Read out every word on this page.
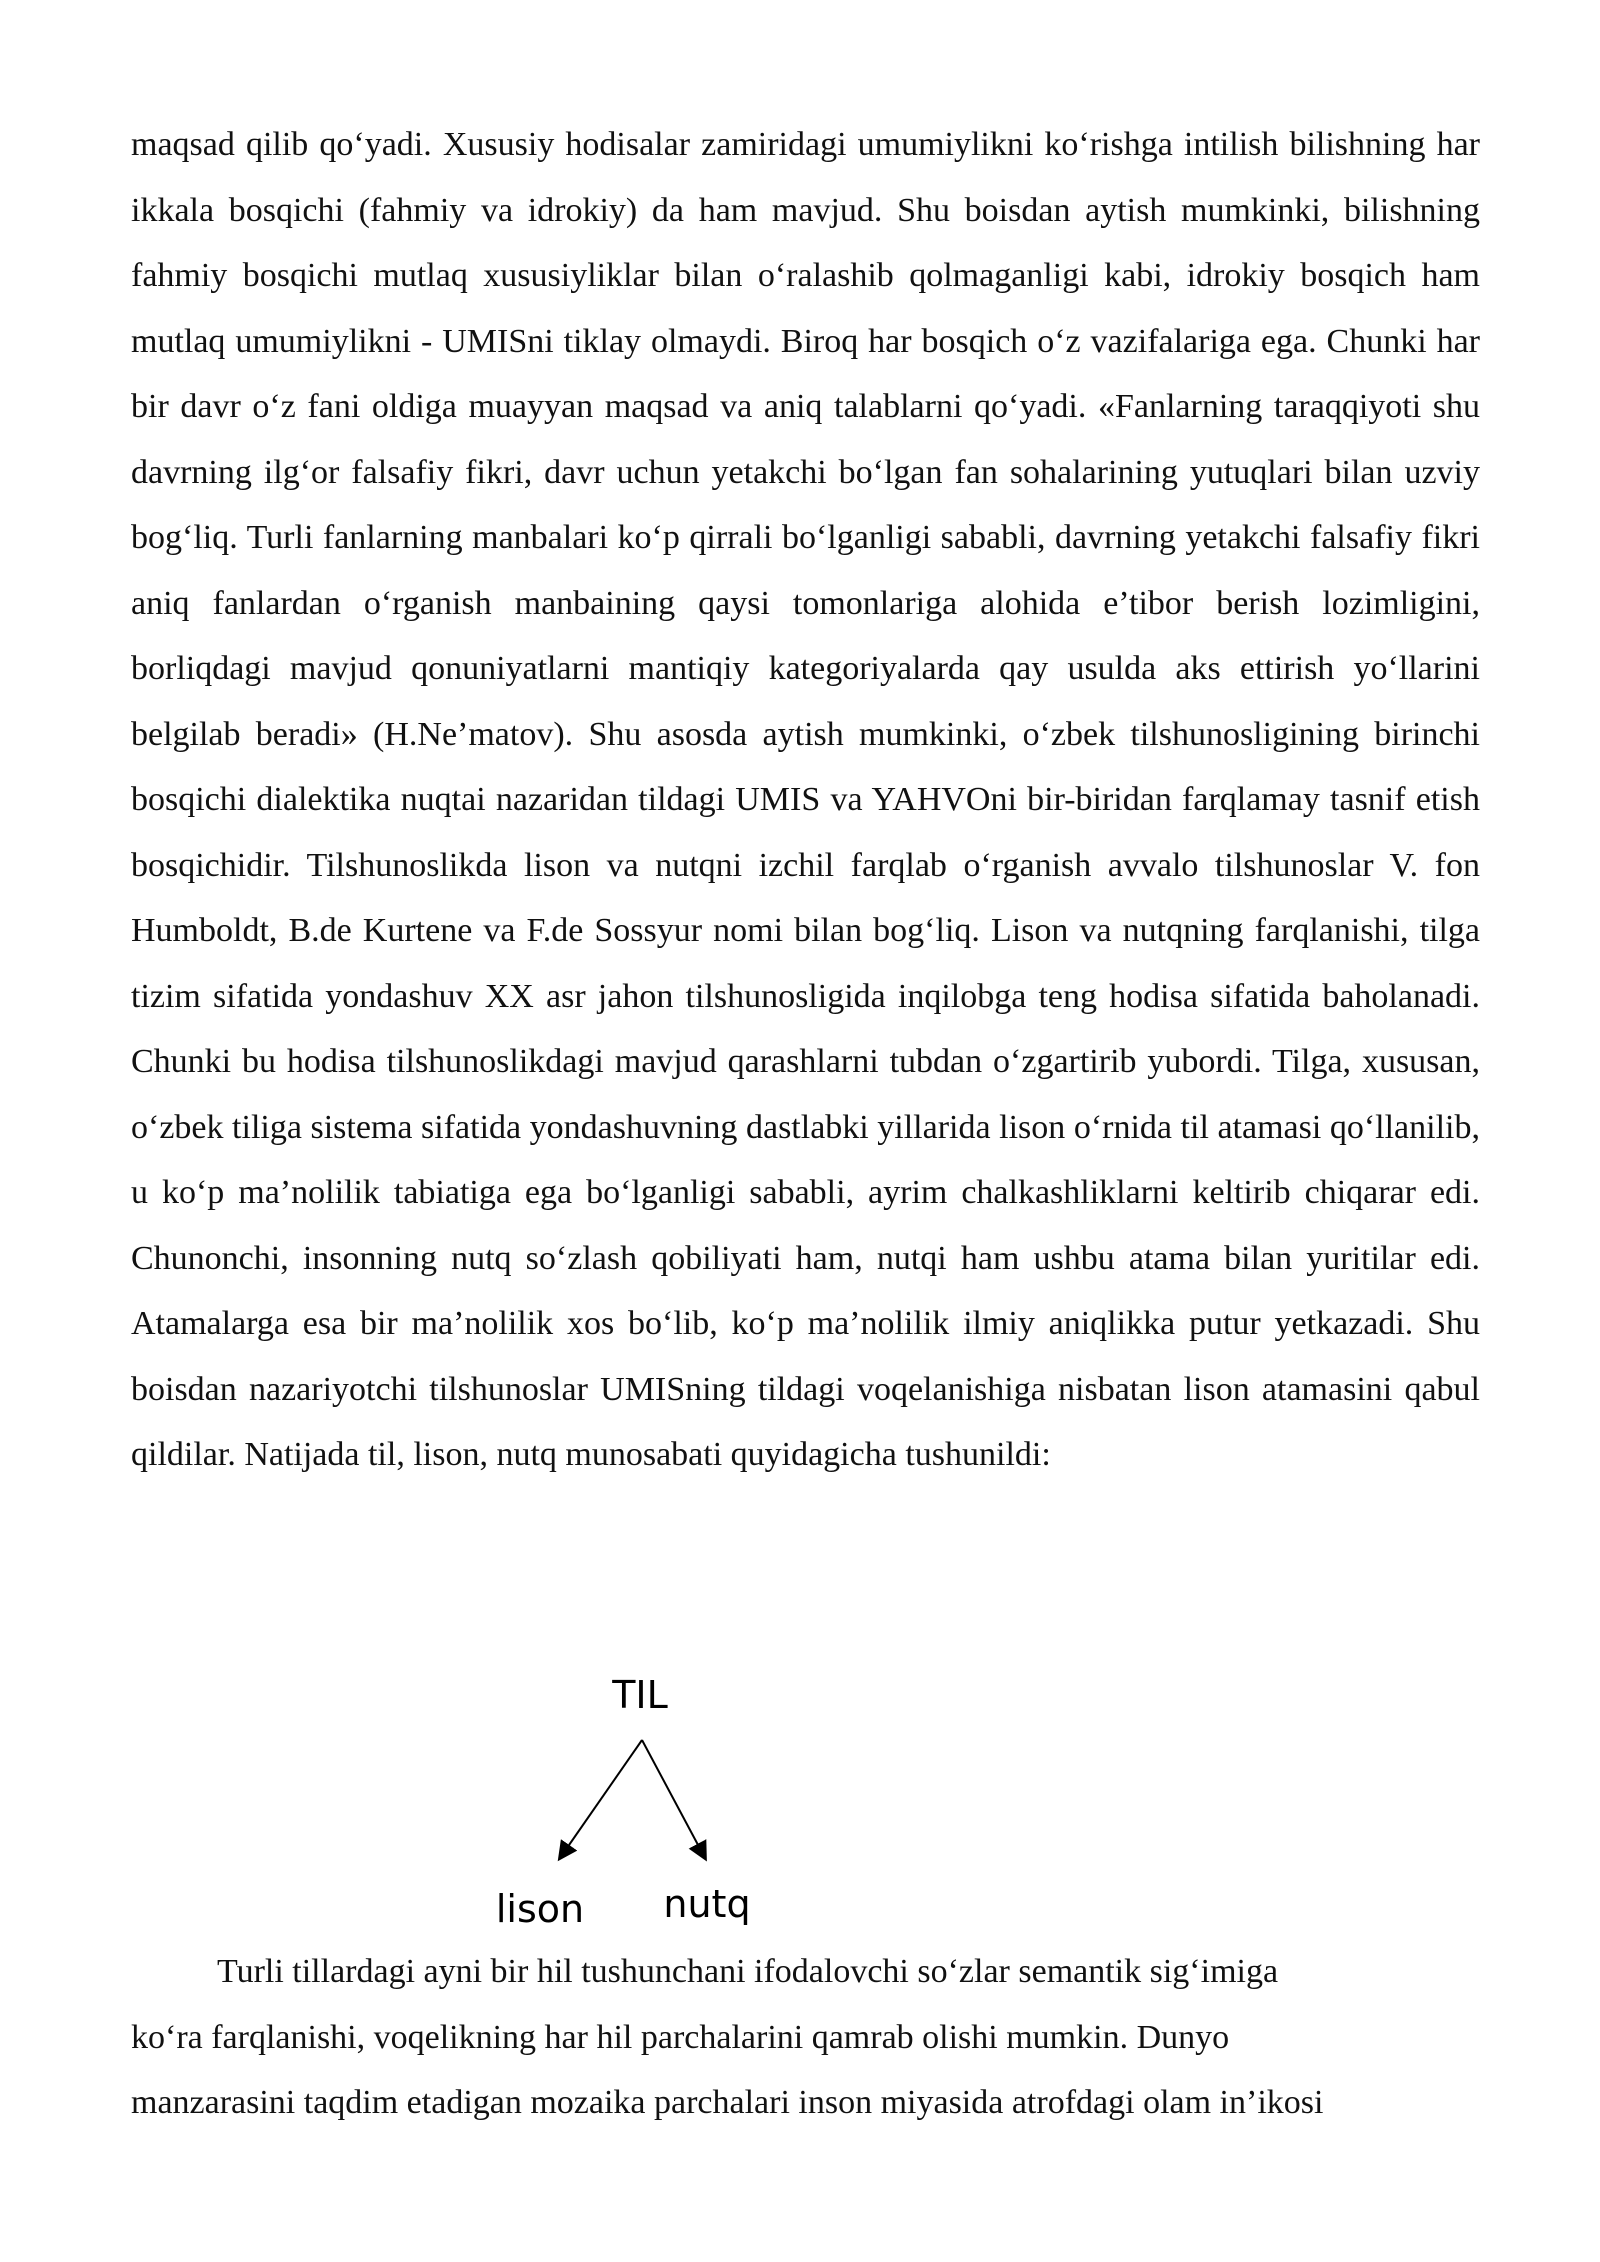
maqsad qilib qo‘yadi. Xususiy hodisalar zamiridagi umumiylikni ko‘rishga intilish bilishning har ikkala bosqichi (fahmiy va idrokiy) da ham mavjud. Shu boisdan aytish mumkinki, bilishning fahmiy bosqichi mutlaq xususiyliklar bilan o‘ralashib qolmaganligi kabi, idrokiy bosqich ham mutlaq umumiylikni - UMISni tiklay olmaydi. Biroq har bosqich o‘z vazifalariga ega. Chunki har bir davr o‘z fani oldiga muayyan maqsad va aniq talablarni qo‘yadi. «Fanlarning taraqqiyoti shu davrning ilg‘or falsafiy fikri, davr uchun yetakchi bo‘lgan fan sohalarining yutuqlari bilan uzviy bog‘liq. Turli fanlarning manbalari ko‘p qirrali bo‘lganligi sababli, davrning yetakchi falsafiy fikri aniq fanlardan o‘rganish manbaining qaysi tomonlariga alohida e’tibor berish lozimligini, borliqdagi mavjud qonuniyatlarni mantiqiy kategoriyalarda qay usulda aks ettirish yo‘llarini belgilab beradi» (H.Ne’matov). Shu asosda aytish mumkinki, o‘zbek tilshunosligining birinchi bosqichi dialektika nuqtai nazaridan tildagi UMIS va YAHVOni bir-biridan farqlamay tasnif etish bosqichidir. Tilshunoslikda lison va nutqni izchil farqlab o‘rganish avvalo tilshunoslar V. fon Humboldt, B.de Kurtene va F.de Sossyur nomi bilan bog‘liq. Lison va nutqning farqlanishi, tilga tizim sifatida yondashuv XX asr jahon tilshunosligida inqilobga teng hodisa sifatida baholanadi. Chunki bu hodisa tilshunoslikdagi mavjud qarashlarni tubdan o‘zgartirib yubordi. Tilga, xususan, o‘zbek tiliga sistema sifatida yondashuvning dastlabki yillarida lison o‘rnida til atamasi qo‘llanilib, u ko‘p ma’nolilik tabiatiga ega bo‘lganligi sababli, ayrim chalkashliklarni keltirib chiqarar edi. Chunonchi, insonning nutq so‘zlash qobiliyati ham, nutqi ham ushbu atama bilan yuritilar edi. Atamalarga esa bir ma’nolilik xos bo‘lib, ko‘p ma’nolilik ilmiy aniqlikka putur yetkazadi. Shu boisdan nazariyotchi tilshunoslar UMISning tildagi voqelanishiga nisbatan lison atamasini qabul qildilar. Natijada til, lison, nutq munosabati quyidagicha tushunildi:

TIL
lison nutq
Turli tillardagi ayni bir hil tushunchani ifodalovchi so‘zlar semantik sig‘imiga
ko‘ra farqlanishi, voqelikning har hil parchalarini qamrab olishi mumkin. Dunyo
manzarasini taqdim etadigan mozaika parchalari inson miyasida atrofdagi olam in’ikosi
